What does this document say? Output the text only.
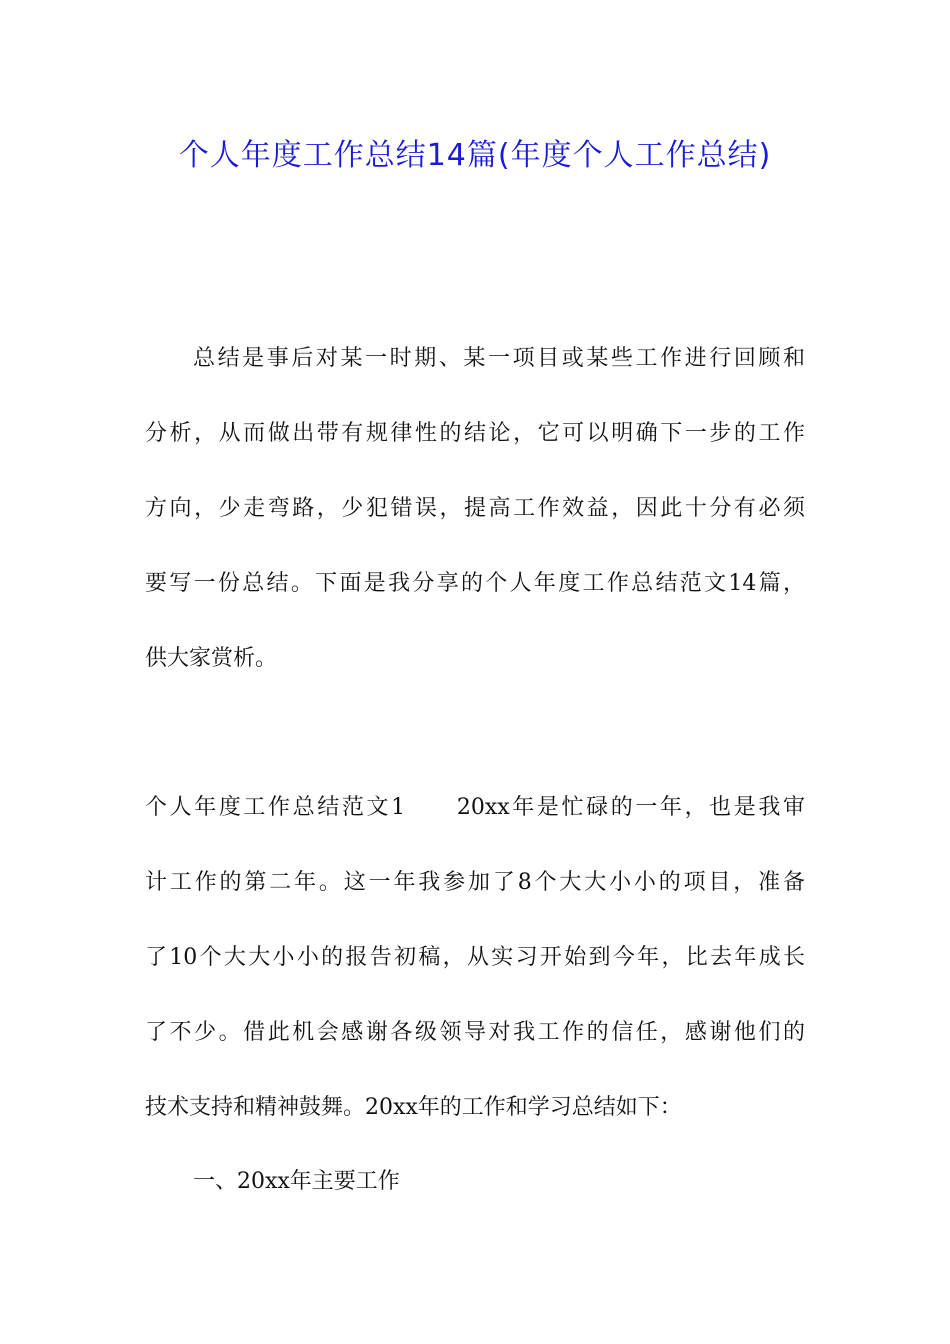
个人年度工作总结14篇(年度个人工作总结)
总结是事后对某一时期、某一项目或某些工作进行回顾和
分析，从而做出带有规律性的结论，它可以明确下一步的工作
方向，少走弯路，少犯错误，提高工作效益，因此十分有必须
要写一份总结。下面是我分享的个人年度工作总结范文14篇，
供大家赏析。
个人年度工作总结范文1　　20xx年是忙碌的一年，也是我审
计工作的第二年。这一年我参加了8个大大小小的项目，准备
了10个大大小小的报告初稿，从实习开始到今年，比去年成长
了不少。借此机会感谢各级领导对我工作的信任，感谢他们的
技术支持和精神鼓舞。20xx年的工作和学习总结如下：
一、20xx年主要工作
